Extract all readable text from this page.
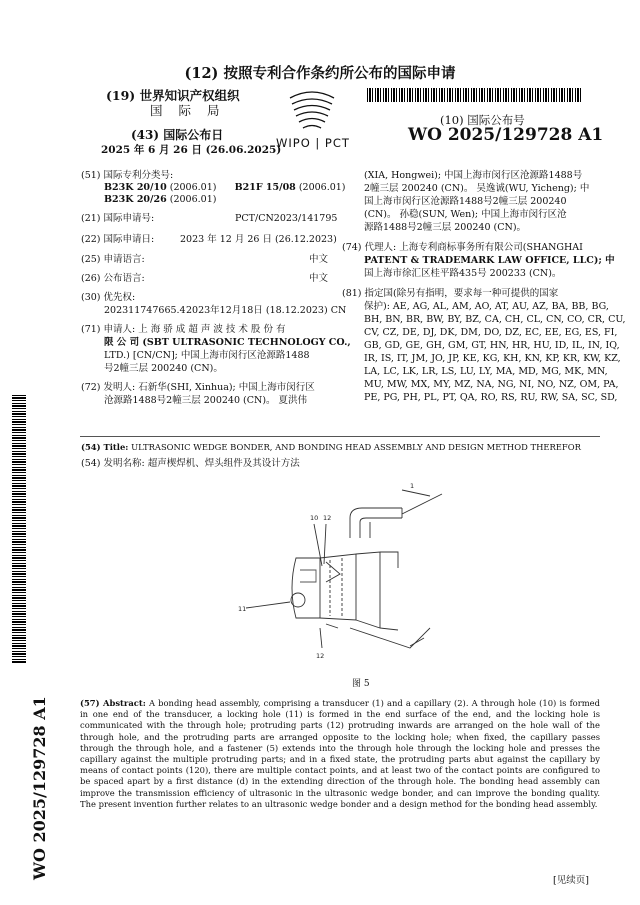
(12) 按照专利合作条约所公布的国际申请
(19) 世界知识产权组织
国 际 局
(43) 国际公布日
2025 年 6 月 26 日 (26.06.2025)
WIPO | PCT
(10) 国际公布号
WO 2025/129728 A1
(51) 国际专利分类号:
B23K 20/10 (2006.01) B21F 15/08 (2006.01)
B23K 20/26 (2006.01)
(21) 国际申请号:	PCT/CN2023/141795
(22) 国际申请日:	2023 年 12 月 26 日 (26.12.2023)
(25) 申请语言:	中文
(26) 公布语言:	中文
(30) 优先权:
202311747665.4 2023年12月18日 (18.12.2023) CN
(71) 申请人: 上 海 骄 成 超 声 波 技 术 股 份 有
限 公 司 (SBT ULTRASONIC TECHNOLOGY CO.,
LTD.) [CN/CN]; 中国上海市闵行区沧源路1488
号2幢三层 200240 (CN)。
(72) 发明人: 石新华(SHI, Xinhua); 中国上海市闵行区
沧源路1488号2幢三层 200240 (CN)。 夏洪伟
(XIA, Hongwei); 中国上海市闵行区沧源路1488号
2幢三层 200240 (CN)。 吴逸诚(WU, Yicheng); 中
国上海市闵行区沧源路1488号2幢三层 200240
(CN)。 孙稳(SUN, Wen); 中国上海市闵行区沧
源路1488号2幢三层 200240 (CN)。
(74) 代理人: 上海专利商标事务所有限公司(SHANGHAI
PATENT & TRADEMARK LAW OFFICE, LLC); 中
国上海市徐汇区桂平路435号 200233 (CN)。
(81) 指定国(除另有指明，要求每一种可提供的国家
保护): AE, AG, AL, AM, AO, AT, AU, AZ, BA, BB, BG,
BH, BN, BR, BW, BY, BZ, CA, CH, CL, CN, CO, CR, CU,
CV, CZ, DE, DJ, DK, DM, DO, DZ, EC, EE, EG, ES, FI,
GB, GD, GE, GH, GM, GT, HN, HR, HU, ID, IL, IN, IQ,
IR, IS, IT, JM, JO, JP, KE, KG, KH, KN, KP, KR, KW, KZ,
LA, LC, LK, LR, LS, LU, LY, MA, MD, MG, MK, MN,
MU, MW, MX, MY, MZ, NA, NG, NI, NO, NZ, OM, PA,
PE, PG, PH, PL, PT, QA, RO, RS, RU, RW, SA, SC, SD,
(54) Title: ULTRASONIC WEDGE BONDER, AND BONDING HEAD ASSEMBLY AND DESIGN METHOD THEREFOR
(54) 发明名称: 超声楔焊机、焊头组件及其设计方法
1
10 12
11
12
图 5
(57) Abstract: A bonding head assembly, comprising a transducer (1) and a capillary (2). A through hole (10) is formed in one end of the transducer, a locking hole (11) is formed in the end surface of the end, and the locking hole is communicated with the through hole; protruding parts (12) protruding inwards are arranged on the hole wall of the through hole, and the protruding parts are arranged opposite to the locking hole; when fixed, the capillary passes through the through hole, and a fastener (5) extends into the through hole through the locking hole and presses the capillary against the multiple protruding parts; and in a fixed state, the protruding parts abut against the capillary by means of contact points (120), there are multiple contact points, and at least two of the contact points are configured to be spaced apart by a first distance (d) in the extending direction of the through hole. The bonding head assembly can improve the transmission efficiency of ultrasonic in the ultrasonic wedge bonder, and can improve the bonding quality. The present invention further relates to an ultrasonic wedge bonder and a design method for the bonding head assembly.
WO 2025/129728 A1
[见续页]
